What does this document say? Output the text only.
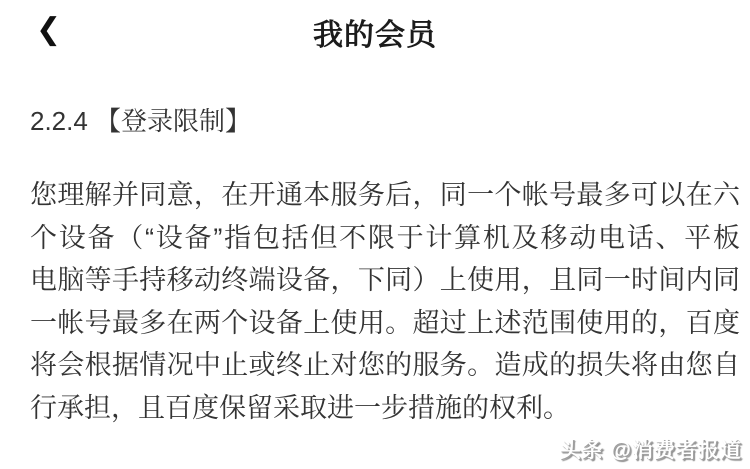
❮	我的会员
2.2.4 【登录限制】
您理解并同意，在开通本服务后，同一个帐号最多可以在六
个设备（“设备”指包括但不限于计算机及移动电话、平板
电脑等手持移动终端设备，下同）上使用，且同一时间内同
一帐号最多在两个设备上使用。超过上述范围使用的，百度
将会根据情况中止或终止对您的服务。造成的损失将由您自
行承担，且百度保留采取进一步措施的权利。
头条 @消费者报道
